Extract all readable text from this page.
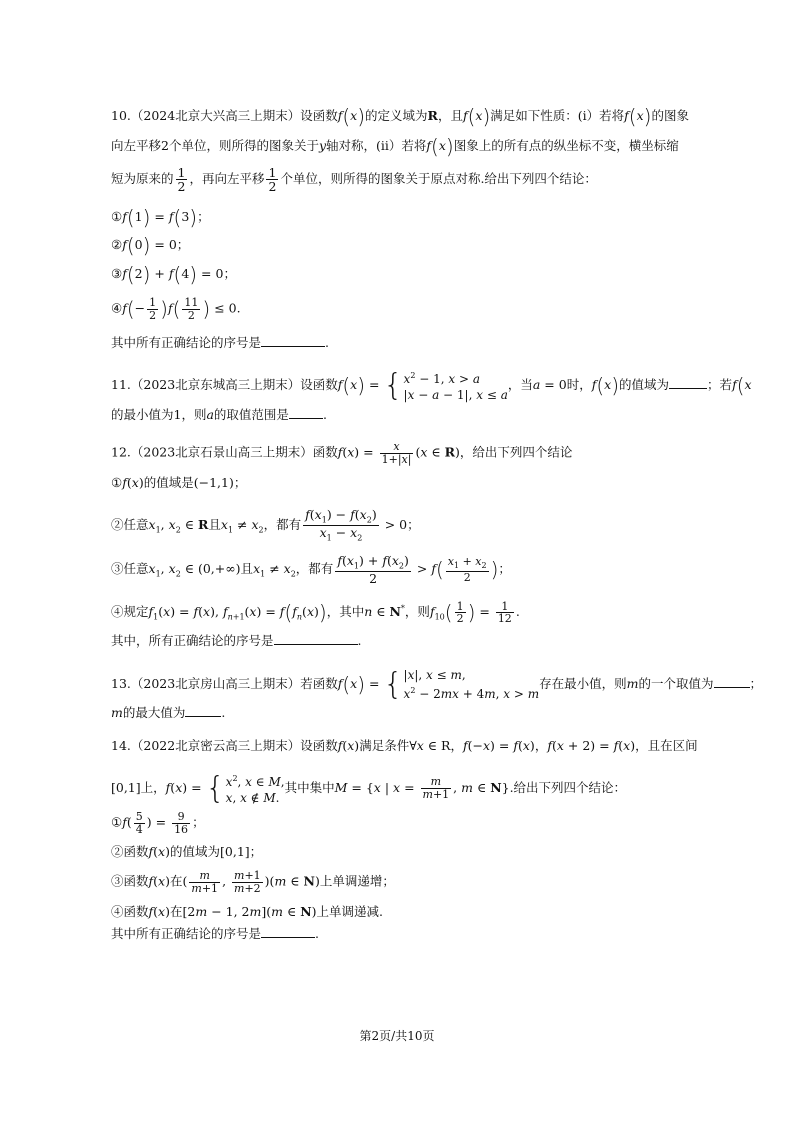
10.（2024北京大兴高三上期末）设函数f(x)的定义域为R，且f(x)满足如下性质：(i）若将f(x)的图象
向左平移2个单位，则所得的图象关于y轴对称，(ii）若将f(x)图象上的所有点的纵坐标不变，横坐标缩
短为原来的 $\frac{1}{2}$ ，再向左平移 $\frac{1}{2}$ 个单位，则所得的图象关于原点对称.给出下列四个结论：
①f(1) = f(3)；
②f(0) = 0；
③f(2) + f(4) = 0；
④f(− $\frac{1}{2} )f( \frac{11}{2}$ ) ≤ 0.
其中所有正确结论的序号是	.
11.（2023北京东城高三上期末）设函数f(x) = { $x^2 - 1$, x > a
|x − a − 1|, x ≤ a
，当a = 0时，f(x)的值域为	；若f(x
的最小值为1，则a的取值范围是	.
12.（2023北京石景山高三上期末）函数$f(x) = \frac{x}{1+|x|} (x$ ∈ R)，给出下列四个结论
①f(x)的值域是(−1,1)；
②任意$x_1$, $x_2$ ∈ R且$x_1 \ne x_2$，都有 $\frac{f(x_1) - f(x_2)}{x_1 - x_2} > 0$；
③任意$x_1$, $x_2$ ∈ (0,+∞)且$x_1 \ne x_2$，都有 $\frac{f(x_1) + f(x_2)}{2} > f( \frac{x_1 + x_2}{2}$ )；
④规定$f_1(x) = f(x)$, $f_{n+1}(x) = f(f_n(x))$，其中n ∈ N*，则$f_{10}( \frac{1}{2}$ ) = $\frac{1}{12}$ .
其中，所有正确结论的序号是	.
13.（2023北京房山高三上期末）若函数f(x) = { |x|, x ≤ m,
$x^2 - 2mx + 4m$, x > m
存在最小值，则m的一个取值为	；
m的最大值为	.
14.（2022北京密云高三上期末）设函数f(x)满足条件∀x ∈ R，f(−x) = f(x)，f(x + 2) = f(x)，且在区间
[0,1]上，f(x) = { $x^2$, x ∈ M,
x, x ∉ M.
其中集中M = {x | $x = \frac{m}{m+1}$ , m ∈ N}.给出下列四个结论：
①f( $\frac{5}{4}$ ) = $\frac{9}{16}$ ；
②函数f(x)的值域为[0,1]；
③函数f(x)在( $\frac{m}{m+1}$ , $\frac{m+1}{m+2} )(m$ ∈ N)上单调递增；
④函数f(x)在[2m − 1, 2m](m ∈ N)上单调递减.
其中所有正确结论的序号是	.
第2页/共10页
